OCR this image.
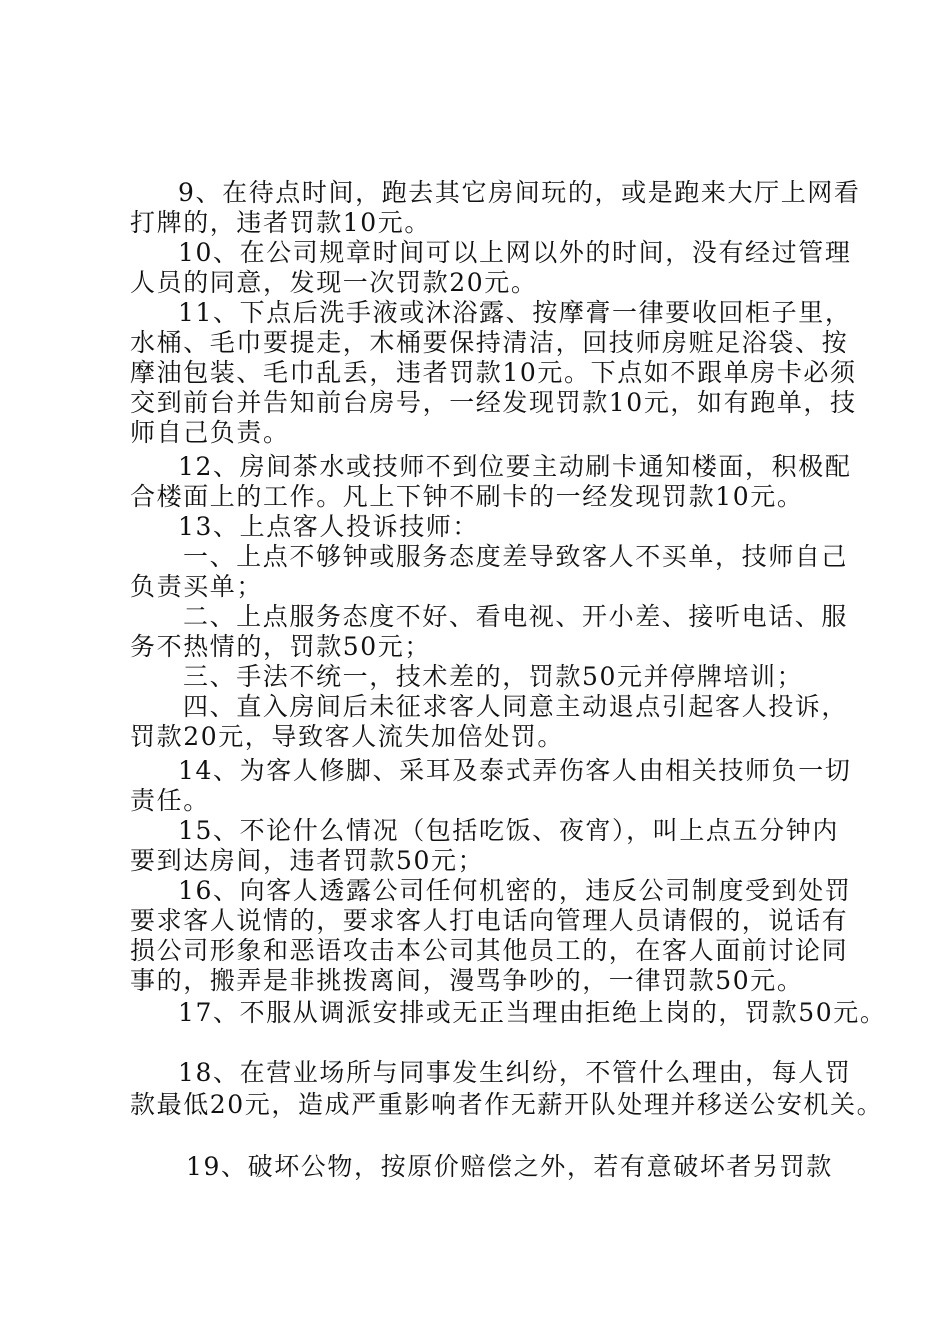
9、在待点时间，跑去其它房间玩的，或是跑来大厅上网看

打牌的，违者罚款10元。

10、在公司规章时间可以上网以外的时间，没有经过管理

人员的同意，发现一次罚款20元。

11、下点后洗手液或沐浴露、按摩膏一律要收回柜子里，

水桶、毛巾要提走，木桶要保持清洁，回技师房赃足浴袋、按

摩油包装、毛巾乱丢，违者罚款10元。下点如不跟单房卡必须

交到前台并告知前台房号，一经发现罚款10元，如有跑单，技

师自己负责。

12、房间茶水或技师不到位要主动刷卡通知楼面，积极配

合楼面上的工作。凡上下钟不刷卡的一经发现罚款10元。

13、上点客人投诉技师：

一、上点不够钟或服务态度差导致客人不买单，技师自己

负责买单；

二、上点服务态度不好、看电视、开小差、接听电话、服

务不热情的，罚款50元；

三、手法不统一，技术差的，罚款50元并停牌培训；

四、直入房间后未征求客人同意主动退点引起客人投诉，

罚款20元，导致客人流失加倍处罚。

14、为客人修脚、采耳及泰式弄伤客人由相关技师负一切

责任。

15、不论什么情况（包括吃饭、夜宵），叫上点五分钟内

要到达房间，违者罚款50元；

16、向客人透露公司任何机密的，违反公司制度受到处罚

要求客人说情的，要求客人打电话向管理人员请假的，说话有

损公司形象和恶语攻击本公司其他员工的，在客人面前讨论同

事的，搬弄是非挑拨离间，漫骂争吵的，一律罚款50元。

17、不服从调派安排或无正当理由拒绝上岗的，罚款50元。

18、在营业场所与同事发生纠纷，不管什么理由，每人罚

款最低20元，造成严重影响者作无薪开队处理并移送公安机关。

19、破坏公物，按原价赔偿之外，若有意破坏者另罚款
